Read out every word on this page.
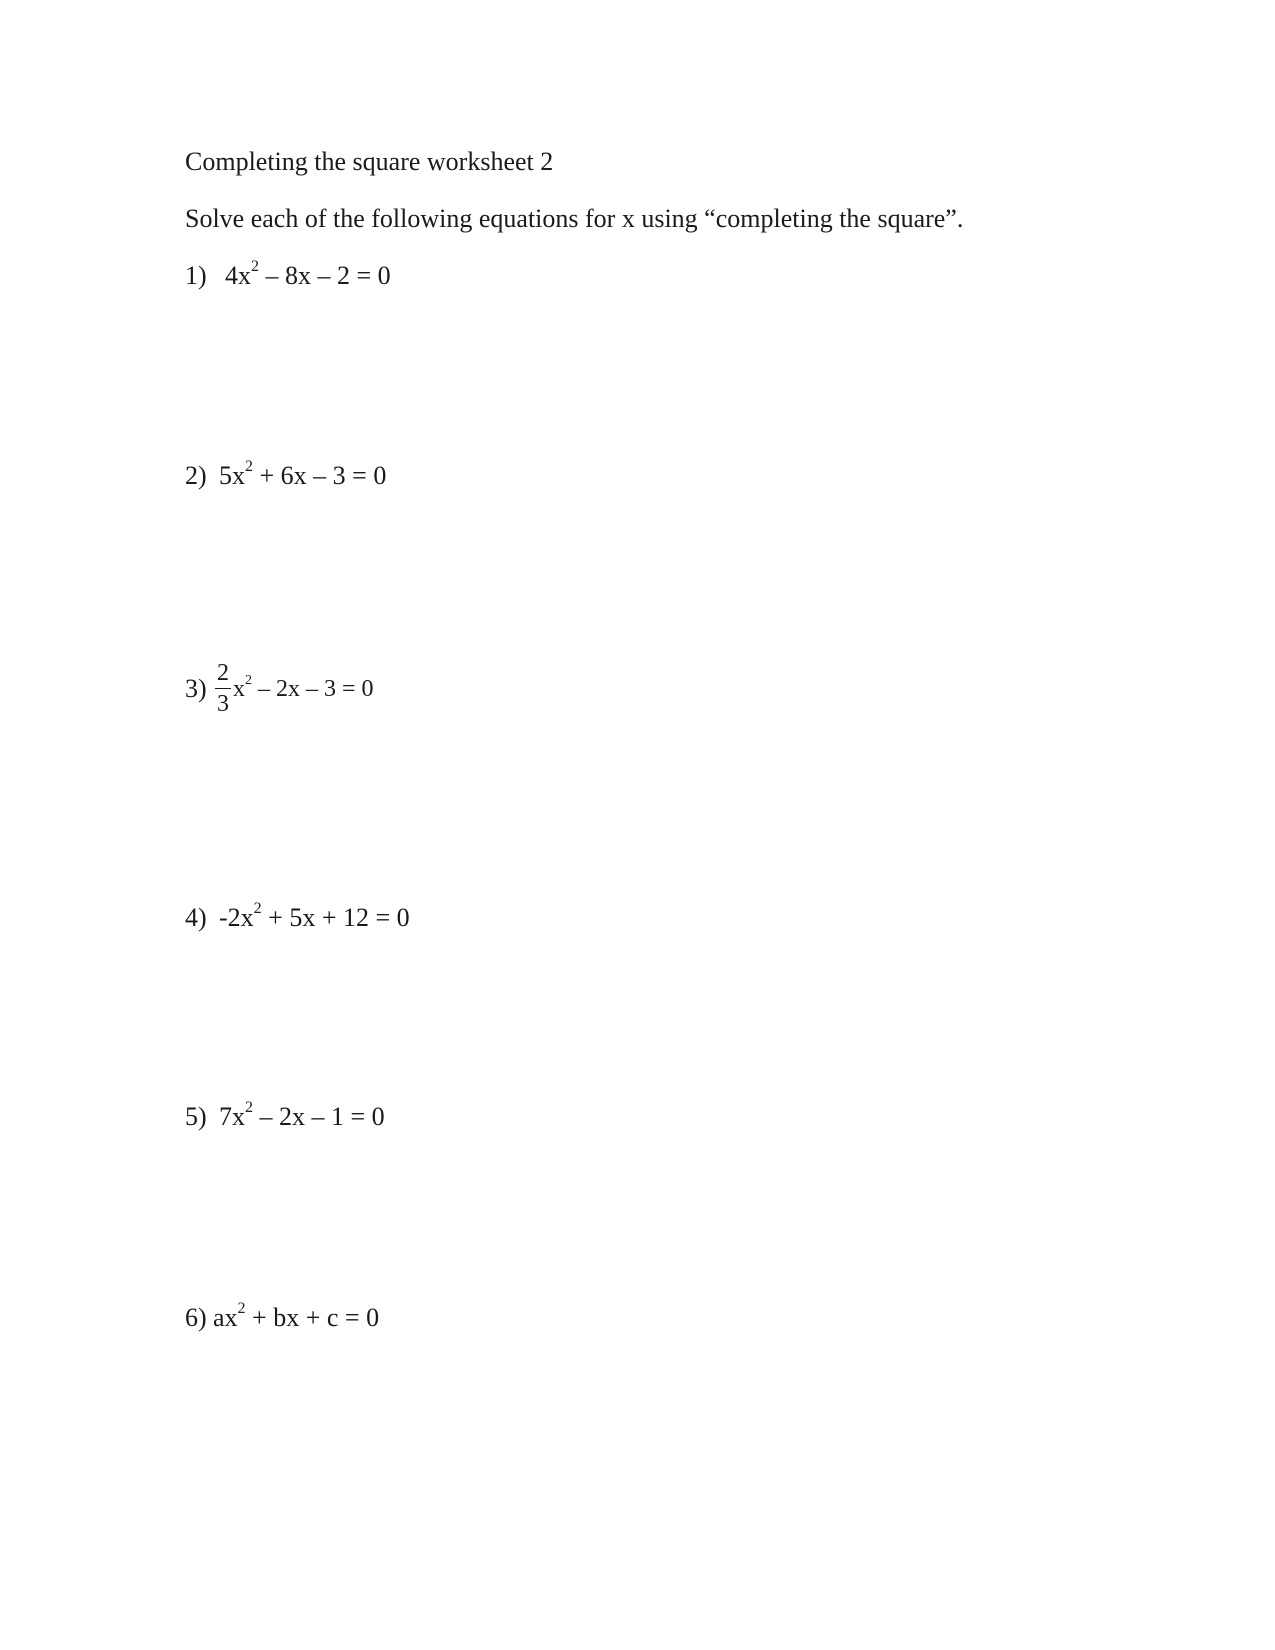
Completing the square worksheet 2
Solve each of the following equations for x using “completing the square”.
1) $4x^2 - 8x - 2 = 0$
2) $5x^2 + 6x - 3 = 0$
$3) \frac{2}{3} x^2 - 2x - 3 = 0$
4) $-2x^2 + 5x + 12 = 0$
5) $7x^2 - 2x - 1 = 0$
6) $ax^2$ + bx + c = 0
